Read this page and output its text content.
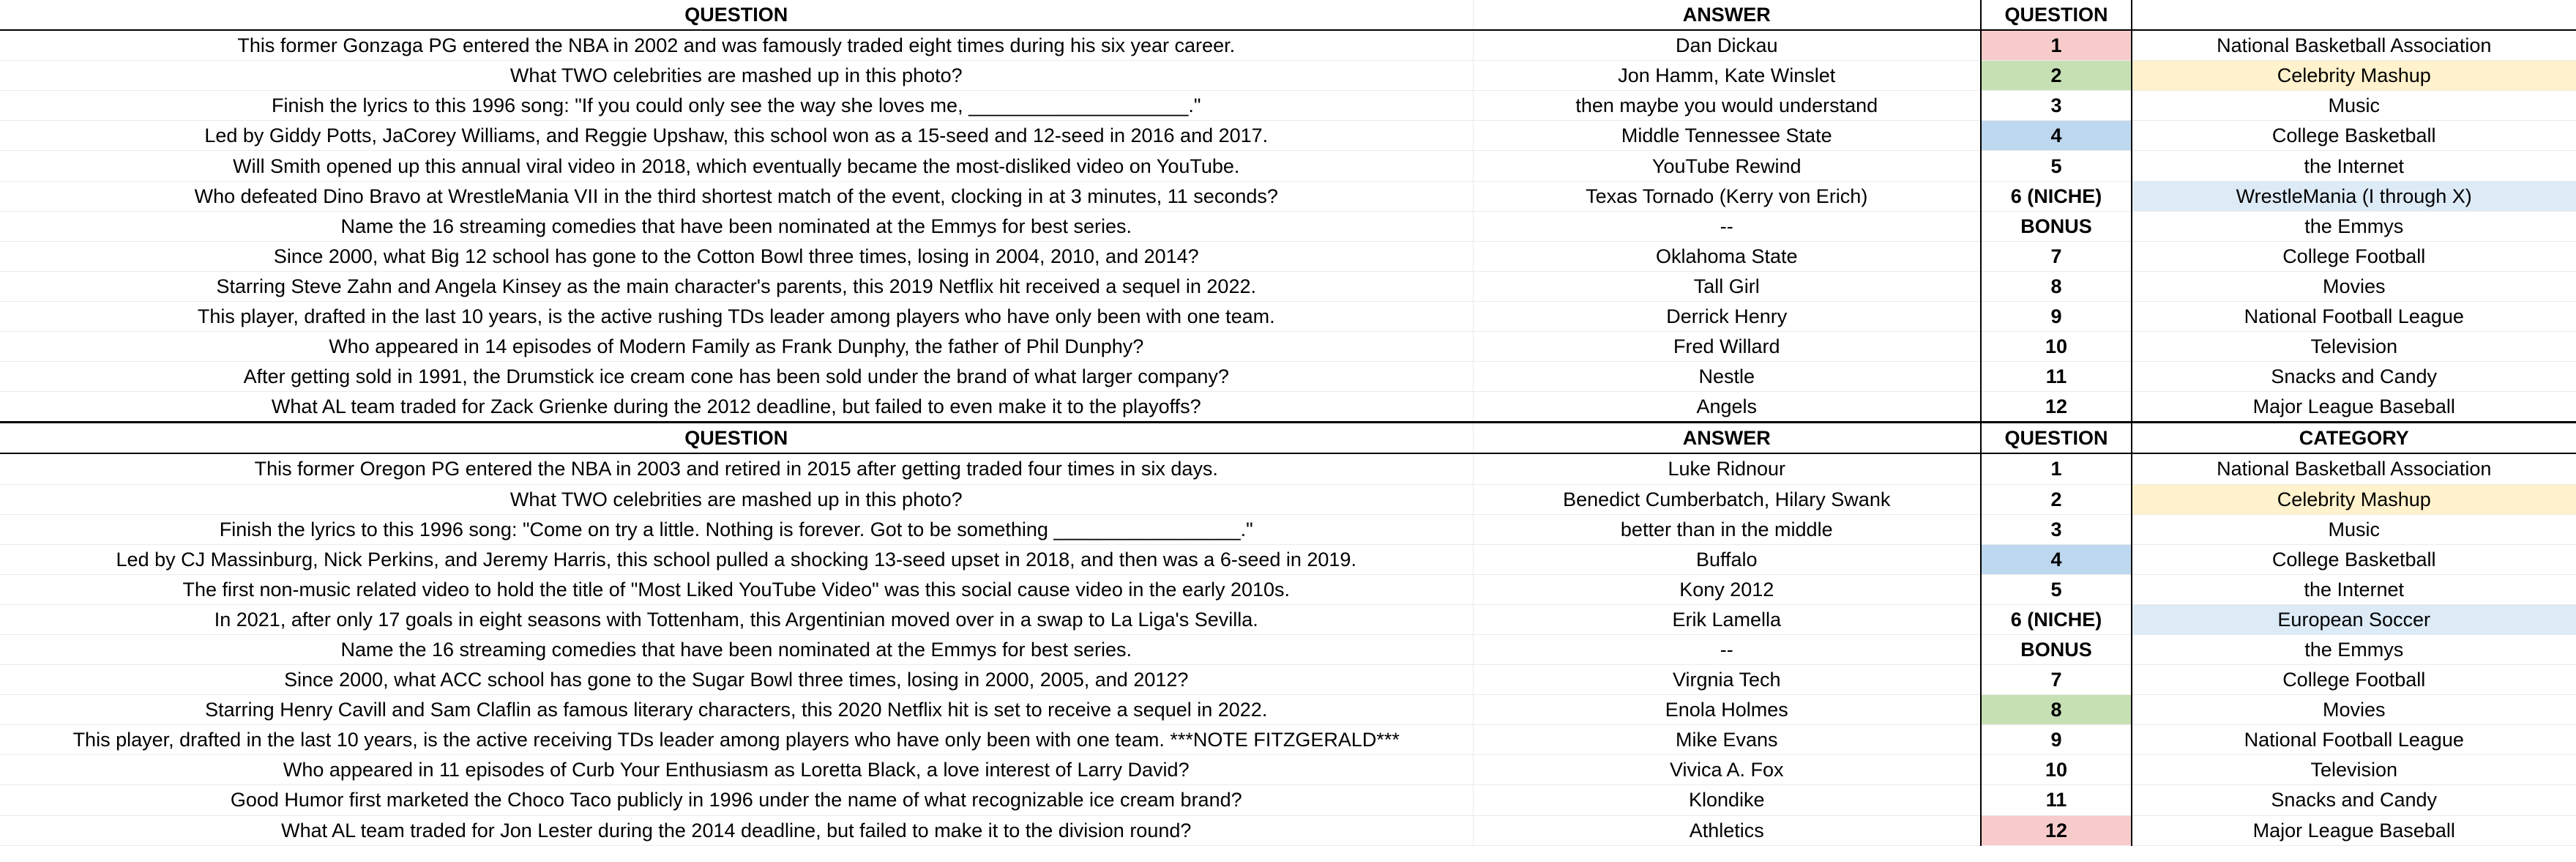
QUESTION	ANSWER	QUESTION	
This former Gonzaga PG entered the NBA in 2002 and was famously traded eight times during his six year career.	Dan Dickau	1	National Basketball Association
What TWO celebrities are mashed up in this photo?	Jon Hamm, Kate Winslet	2	Celebrity Mashup
Finish the lyrics to this 1996 song: "If you could only see the way she loves me, ____________________."	then maybe you would understand	3	Music
Led by Giddy Potts, JaCorey Williams, and Reggie Upshaw, this school won as a 15-seed and 12-seed in 2016 and 2017.	Middle Tennessee State	4	College Basketball
Will Smith opened up this annual viral video in 2018, which eventually became the most-disliked video on YouTube.	YouTube Rewind	5	the Internet
Who defeated Dino Bravo at WrestleMania VII in the third shortest match of the event, clocking in at 3 minutes, 11 seconds?	Texas Tornado (Kerry von Erich)	6 (NICHE)	WrestleMania (I through X)
Name the 16 streaming comedies that have been nominated at the Emmys for best series.	--	BONUS	the Emmys
Since 2000, what Big 12 school has gone to the Cotton Bowl three times, losing in 2004, 2010, and 2014?	Oklahoma State	7	College Football
Starring Steve Zahn and Angela Kinsey as the main character's parents, this 2019 Netflix hit received a sequel in 2022.	Tall Girl	8	Movies
This player, drafted in the last 10 years, is the active rushing TDs leader among players who have only been with one team.	Derrick Henry	9	National Football League
Who appeared in 14 episodes of Modern Family as Frank Dunphy, the father of Phil Dunphy?	Fred Willard	10	Television
After getting sold in 1991, the Drumstick ice cream cone has been sold under the brand of what larger company?	Nestle	11	Snacks and Candy
What AL team traded for Zack Grienke during the 2012 deadline, but failed to even make it to the playoffs?	Angels	12	Major League Baseball
QUESTION	ANSWER	QUESTION	CATEGORY
This former Oregon PG entered the NBA in 2003 and retired in 2015 after getting traded four times in six days.	Luke Ridnour	1	National Basketball Association
What TWO celebrities are mashed up in this photo?	Benedict Cumberbatch, Hilary Swank	2	Celebrity Mashup
Finish the lyrics to this 1996 song: "Come on try a little. Nothing is forever. Got to be something _________________."	better than in the middle	3	Music
Led by CJ Massinburg, Nick Perkins, and Jeremy Harris, this school pulled a shocking 13-seed upset in 2018, and then was a 6-seed in 2019.	Buffalo	4	College Basketball
The first non-music related video to hold the title of "Most Liked YouTube Video" was this social cause video in the early 2010s.	Kony 2012	5	the Internet
In 2021, after only 17 goals in eight seasons with Tottenham, this Argentinian moved over in a swap to La Liga's Sevilla.	Erik Lamella	6 (NICHE)	European Soccer
Name the 16 streaming comedies that have been nominated at the Emmys for best series.	--	BONUS	the Emmys
Since 2000, what ACC school has gone to the Sugar Bowl three times, losing in 2000, 2005, and 2012?	Virgnia Tech	7	College Football
Starring Henry Cavill and Sam Claflin as famous literary characters, this 2020 Netflix hit is set to receive a sequel in 2022.	Enola Holmes	8	Movies
This player, drafted in the last 10 years, is the active receiving TDs leader among players who have only been with one team. ***NOTE FITZGERALD***	Mike Evans	9	National Football League
Who appeared in 11 episodes of Curb Your Enthusiasm as Loretta Black, a love interest of Larry David?	Vivica A. Fox	10	Television
Good Humor first marketed the Choco Taco publicly in 1996 under the name of what recognizable ice cream brand?	Klondike	11	Snacks and Candy
What AL team traded for Jon Lester during the 2014 deadline, but failed to make it to the division round?	Athletics	12	Major League Baseball
